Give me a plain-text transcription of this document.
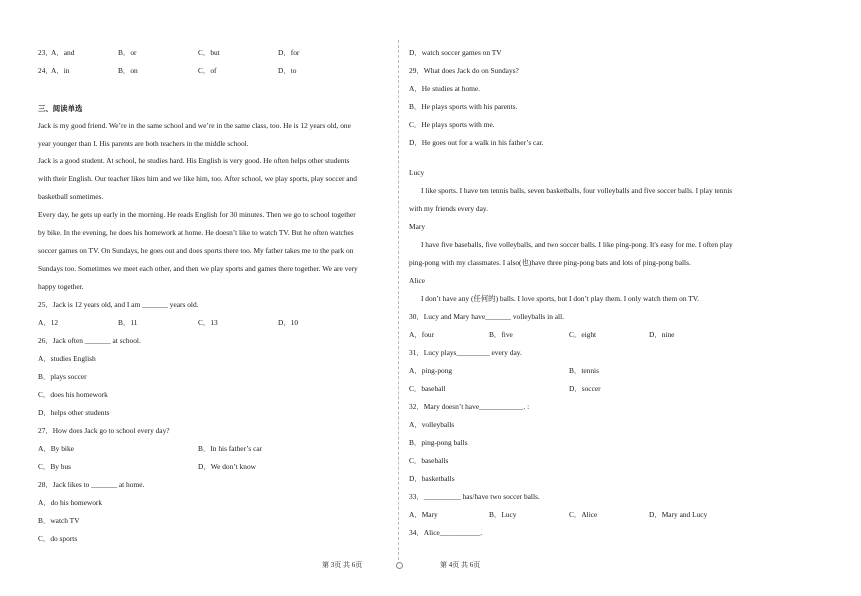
23．
A．and	B．or	C．but	D．for
24．
A．in	B．on	C．of	D．to
三、阅读单选
Jack is my good friend. We’re in the same school and we’re in the same class, too. He is 12 years old, one
year younger than I. His parents are both teachers in the middle school.
Jack is a good student. At school, he studies hard. His English is very good. He often helps other students
with their English. Our teacher likes him and we like him, too. After school, we play sports, play soccer and
basketball sometimes.
Every day, he gets up early in the morning. He reads English for 30 minutes. Then we go to school together
by bike. In the evening, he does his homework at home. He doesn’t like to watch TV. But he often watches
soccer games on TV. On Sundays, he goes out and does sports there too. My father takes me to the park on
Sundays too. Sometimes we meet each other, and then we play sports and games there together. We are very
happy together.
25．Jack is 12 years old, and I am _______ years old.
A．12	B．11	C．13	D．10
26．Jack often _______ at school.
A．studies English
B．plays soccer
C．does his homework
D．helps other students
27．How does Jack go to school every day?
A．By bike	B．In his father’s car
C．By bus	D．We don’t know
28．Jack likes to _______ at home.
A．do his homework
B．watch TV
C．do sports
D．watch soccer games on TV
29．What does Jack do on Sundays?
A．He studies at home.
B．He plays sports with his parents.
C．He plays sports with me.
D．He goes out for a walk in his father’s car.
Lucy
I like sports. I have ten tennis balls, seven basketballs, four volleyballs and five soccer balls. I play tennis
with my friends every day.
Mary
I have five baseballs, five volleyballs, and two soccer balls. I like ping-pong. It's easy for me. I often play
ping-pong with my classmates. I also(也)have three ping-pong bats and lots of ping-pong balls.
Alice
I don’t have any (任何的) balls. I love sports, but I don’t play them. I only watch them on TV.
30．Lucy and Mary have_______ volleyballs in all.
A．four	B．five	C．eight	D．nine
31．Lucy plays_________ every day.
A．ping-pong	B．tennis
C．baseball	D．soccer
32．Mary doesn’t have____________. :
A．volleyballs
B．ping-pong balls
C．baseballs
D．basketballs
33．__________ has/have two soccer balls.
A．Mary	B．Lucy	C．Alice	D．Mary and Lucy
34．Alice___________.
第 3页 共 6页	第 4页 共 6页
